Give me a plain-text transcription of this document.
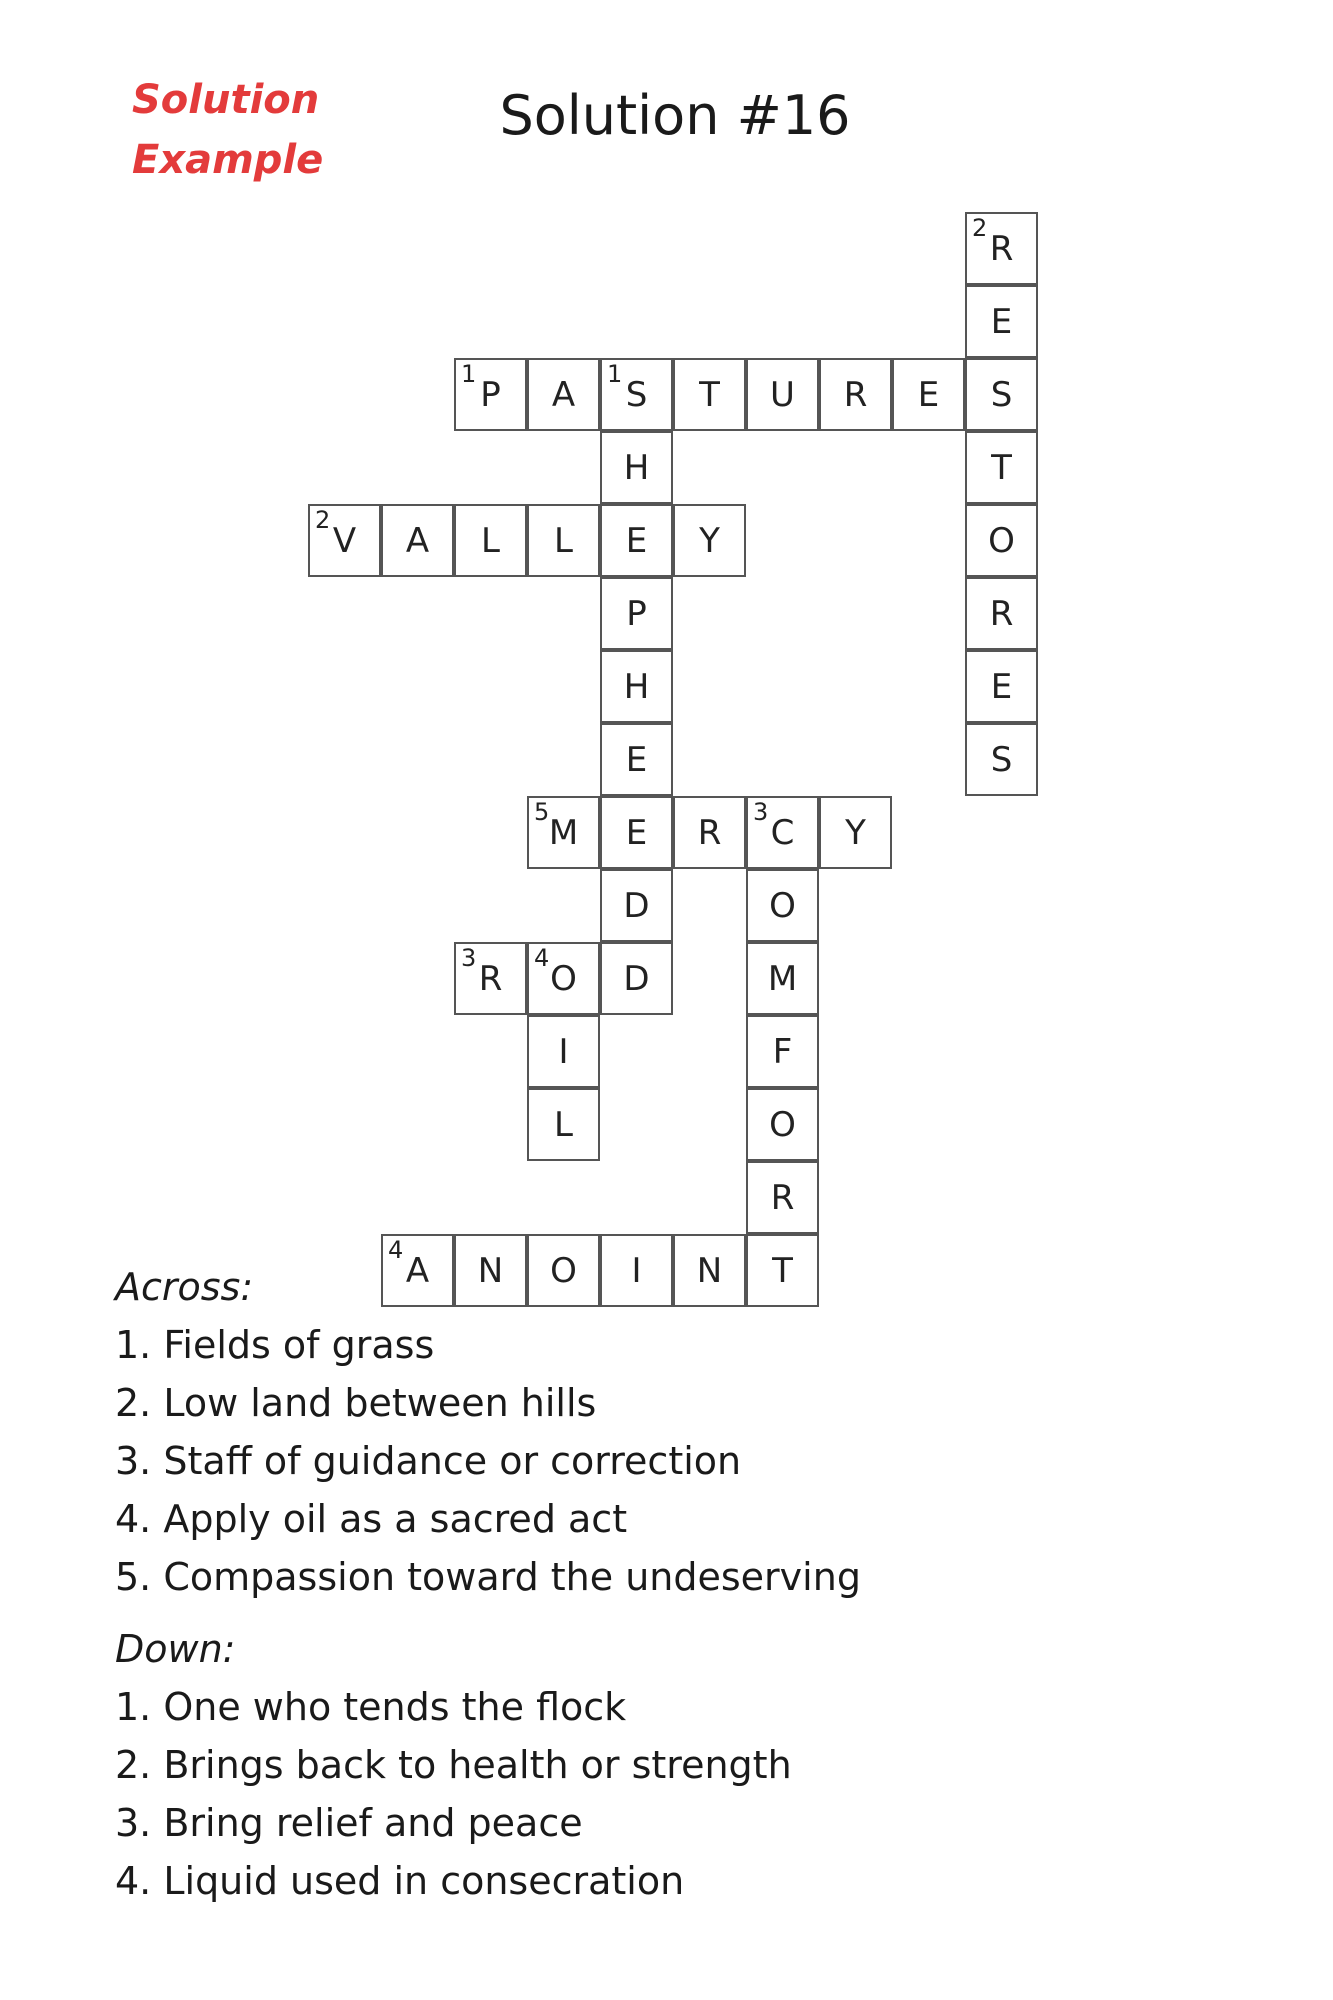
Solution
Example
Solution #16
1
P	A
1
S	T	U	R	E	S
2
V	A	L	L	E	Y
5
M	E	R
3
C	Y
3
R
4
O	D
4
A	N	O	I	N	T
2
R
E
T
O
R
E
S
H
P
H
E
D	O
M
F
O
R
I
L

Across:

1. Fields of grass
2. Low land between hills
3. Staff of guidance or correction
4. Apply oil as a sacred act
5. Compassion toward the undeserving

Down:

1. One who tends the flock
2. Brings back to health or strength
3. Bring relief and peace
4. Liquid used in consecration
